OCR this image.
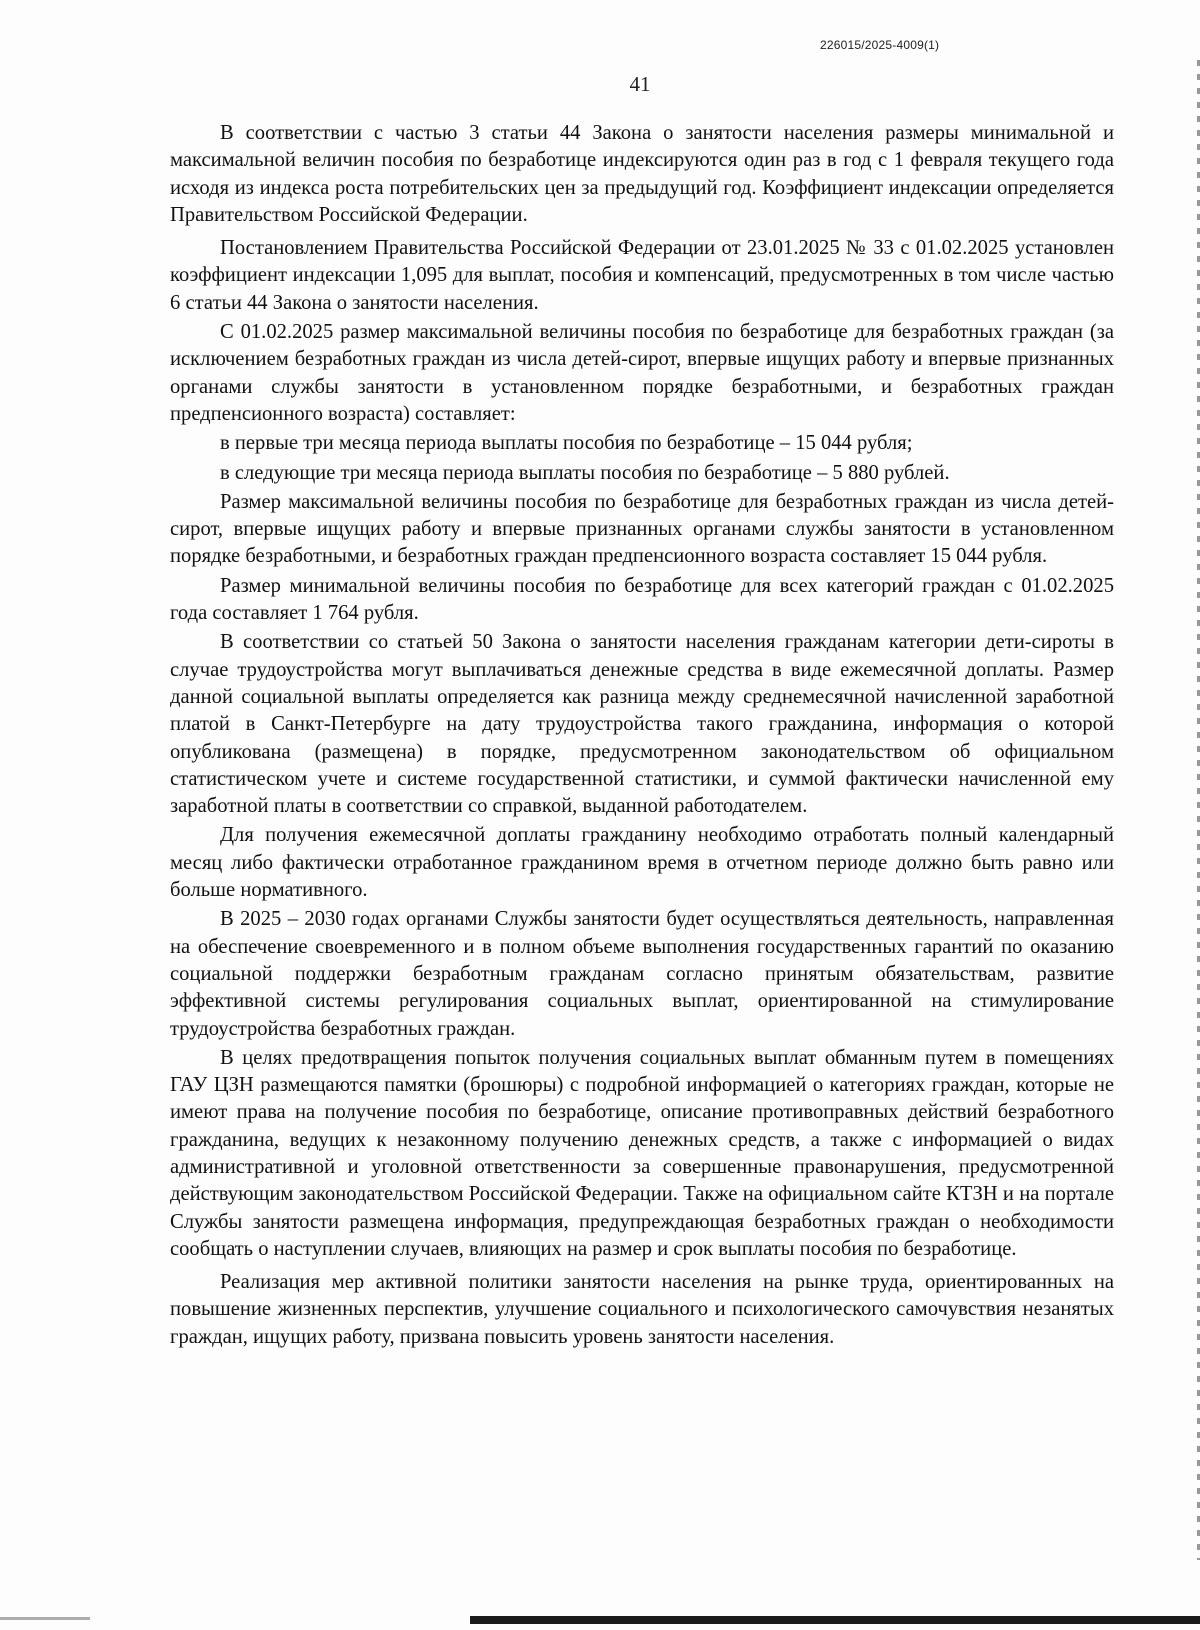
226015/2025-4009(1)
41

В соответствии с частью 3 статьи 44 Закона о занятости населения размеры минимальной и максимальной величин пособия по безработице индексируются один раз в год с 1 февраля текущего года исходя из индекса роста потребительских цен за предыдущий год. Коэффициент индексации определяется Правительством Российской Федерации.

Постановлением Правительства Российской Федерации от 23.01.2025 № 33 с 01.02.2025 установлен коэффициент индексации 1,095 для выплат, пособия и компенсаций, предусмотренных в том числе частью 6 статьи 44 Закона о занятости населения.

С 01.02.2025 размер максимальной величины пособия по безработице для безработных граждан (за исключением безработных граждан из числа детей-сирот, впервые ищущих работу и впервые признанных органами службы занятости в установленном порядке безработными, и безработных граждан предпенсионного возраста) составляет:

в первые три месяца периода выплаты пособия по безработице – 15 044 рубля;

в следующие три месяца периода выплаты пособия по безработице – 5 880 рублей.

Размер максимальной величины пособия по безработице для безработных граждан из числа детей-сирот, впервые ищущих работу и впервые признанных органами службы занятости в установленном порядке безработными, и безработных граждан предпенсионного возраста составляет 15 044 рубля.

Размер минимальной величины пособия по безработице для всех категорий граждан с 01.02.2025 года составляет 1 764 рубля.

В соответствии со статьей 50 Закона о занятости населения гражданам категории дети-сироты в случае трудоустройства могут выплачиваться денежные средства в виде ежемесячной доплаты. Размер данной социальной выплаты определяется как разница между среднемесячной начисленной заработной платой в Санкт-Петербурге на дату трудоустройства такого гражданина, информация о которой опубликована (размещена) в порядке, предусмотренном законодательством об официальном статистическом учете и системе государственной статистики, и суммой фактически начисленной ему заработной платы в соответствии со справкой, выданной работодателем.

Для получения ежемесячной доплаты гражданину необходимо отработать полный календарный месяц либо фактически отработанное гражданином время в отчетном периоде должно быть равно или больше нормативного.

В 2025 – 2030 годах органами Службы занятости будет осуществляться деятельность, направленная на обеспечение своевременного и в полном объеме выполнения государственных гарантий по оказанию социальной поддержки безработным гражданам согласно принятым обязательствам, развитие эффективной системы регулирования социальных выплат, ориентированной на стимулирование трудоустройства безработных граждан.

В целях предотвращения попыток получения социальных выплат обманным путем в помещениях ГАУ ЦЗН размещаются памятки (брошюры) с подробной информацией о категориях граждан, которые не имеют права на получение пособия по безработице, описание противоправных действий безработного гражданина, ведущих к незаконному получению денежных средств, а также с информацией о видах административной и уголовной ответственности за совершенные правонарушения, предусмотренной действующим законодательством Российской Федерации. Также на официальном сайте КТЗН и на портале Службы занятости размещена информация, предупреждающая безработных граждан о необходимости сообщать о наступлении случаев, влияющих на размер и срок выплаты пособия по безработице.

Реализация мер активной политики занятости населения на рынке труда, ориентированных на повышение жизненных перспектив, улучшение социального и психологического самочувствия незанятых граждан, ищущих работу, призвана повысить уровень занятости населения.
